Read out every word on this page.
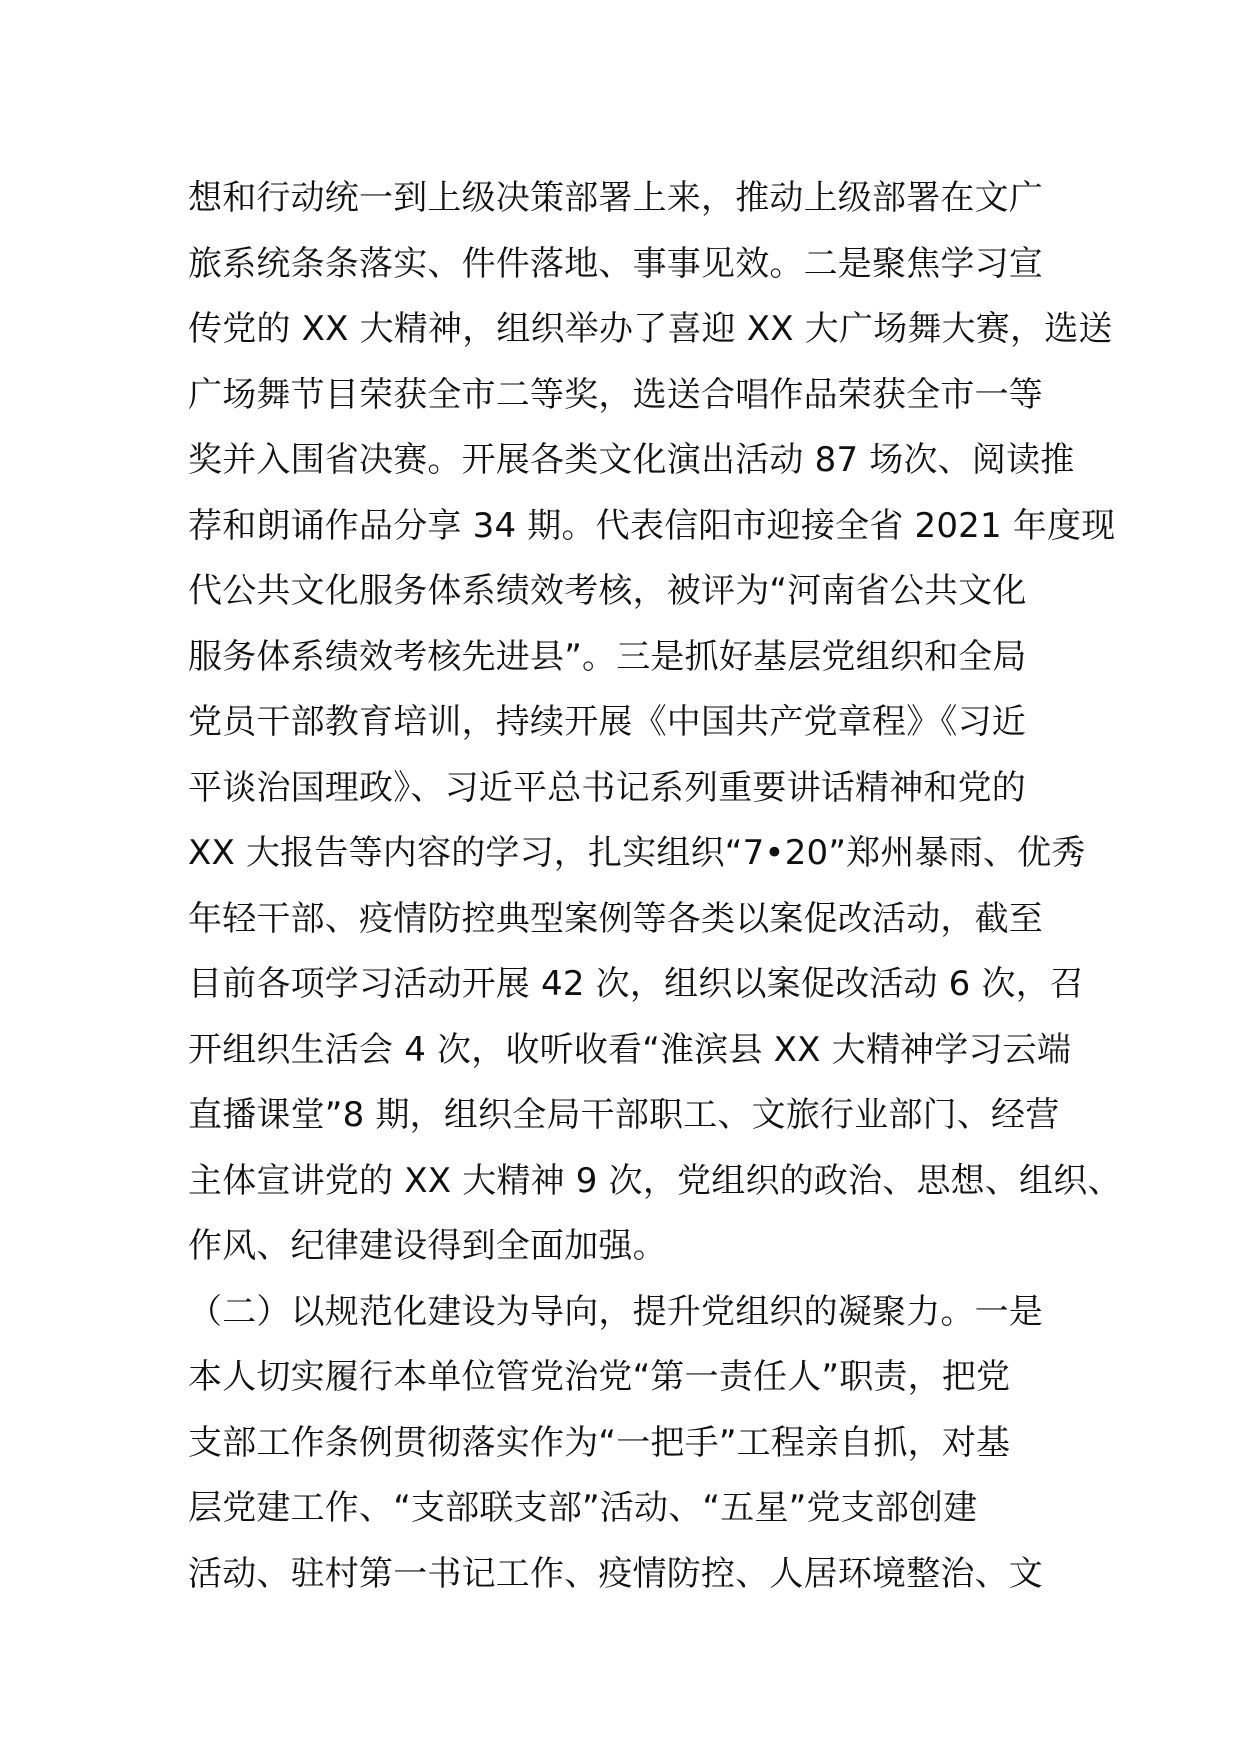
想和行动统一到上级决策部署上来，推动上级部署在文广
旅系统条条落实、件件落地、事事见效。二是聚焦学习宣
传党的 XX 大精神，组织举办了喜迎 XX 大广场舞大赛，选送
广场舞节目荣获全市二等奖，选送合唱作品荣获全市一等
奖并入围省决赛。开展各类文化演出活动 87 场次、阅读推
荐和朗诵作品分享 34 期。代表信阳市迎接全省 2021 年度现
代公共文化服务体系绩效考核，被评为“河南省公共文化
服务体系绩效考核先进县”。三是抓好基层党组织和全局
党员干部教育培训，持续开展《中国共产党章程》《习近
平谈治国理政》、习近平总书记系列重要讲话精神和党的
XX 大报告等内容的学习，扎实组织“7•20”郑州暴雨、优秀
年轻干部、疫情防控典型案例等各类以案促改活动，截至
目前各项学习活动开展 42 次，组织以案促改活动 6 次，召
开组织生活会 4 次，收听收看“淮滨县 XX 大精神学习云端
直播课堂”8 期，组织全局干部职工、文旅行业部门、经营
主体宣讲党的 XX 大精神 9 次，党组织的政治、思想、组织、
作风、纪律建设得到全面加强。
（二）以规范化建设为导向，提升党组织的凝聚力。一是
本人切实履行本单位管党治党“第一责任人”职责，把党
支部工作条例贯彻落实作为“一把手”工程亲自抓，对基
层党建工作、“支部联支部”活动、“五星”党支部创建
活动、驻村第一书记工作、疫情防控、人居环境整治、文
